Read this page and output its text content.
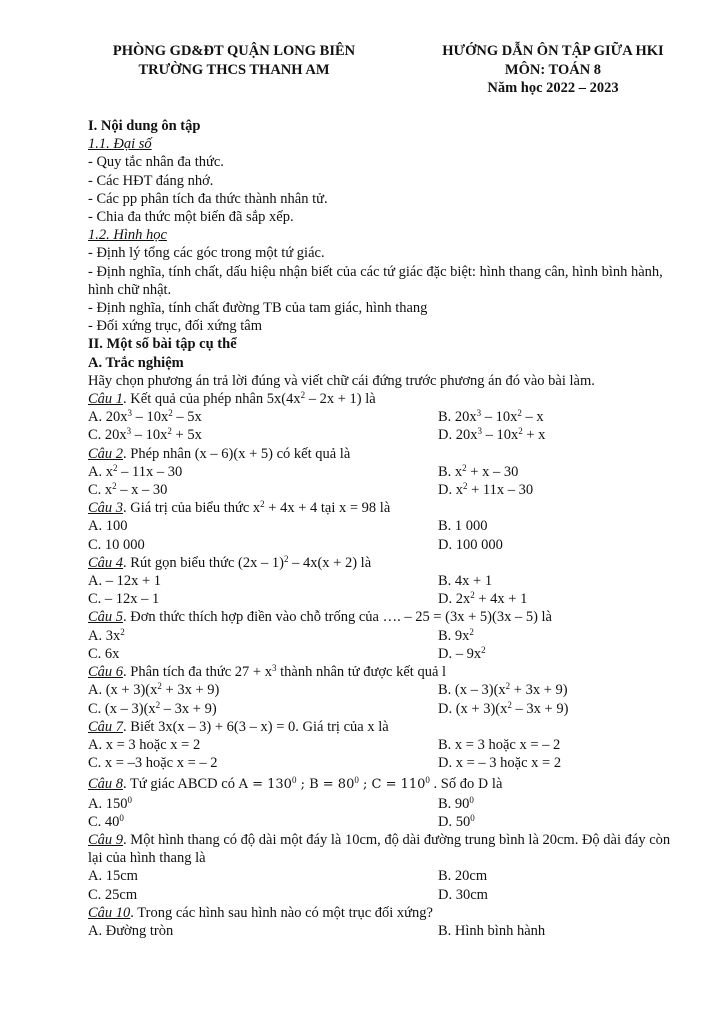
PHÒNG GD&ĐT QUẬN LONG BIÊN
TRƯỜNG THCS THANH AM
HƯỚNG DẪN ÔN TẬP GIỮA HKI
MÔN: TOÁN 8
Năm học 2022 – 2023
I. Nội dung ôn tập
1.1. Đại số
- Quy tắc nhân đa thức.
- Các HĐT đáng nhớ.
- Các pp phân tích đa thức thành nhân tử.
- Chia đa thức một biến đã sắp xếp.
1.2. Hình học
- Định lý tổng các góc trong một tứ giác.
- Định nghĩa, tính chất, dấu hiệu nhận biết của các tứ giác đặc biệt: hình thang cân, hình bình hành, hình chữ nhật.
- Định nghĩa, tính chất đường TB của tam giác, hình thang
- Đối xứng trục, đối xứng tâm
II. Một số bài tập cụ thể
A. Trắc nghiệm
Hãy chọn phương án trả lời đúng và viết chữ cái đứng trước phương án đó vào bài làm.
Câu 1. Kết quả của phép nhân $5x(4x^2 - 2x + 1)$ là
A. $20x^3 - 10x^2 - 5x$	B. $20x^3 - 10x^2$ – x
C. $20x^3 - 10x^2 + 5x$	D. $20x^3 - 10x^2 + x$
Câu 2. Phép nhân (x – 6)(x + 5) có kết quả là
A. $x^2 - 11x - 30$	B. $x^2 + x - 30$
C. $x^2$ – x – 30	D. $x^2 + 11x - 30$
Câu 3. Giá trị của biểu thức $x^2 + 4x + 4$ tại x = 98 là
A. 100	B. 1 000
C. 10 000	D. 100 000
Câu 4. Rút gọn biểu thức (2x – 1)$^2$ – 4x(x + 2) là
A. – 12x + 1	B. 4x + 1
C. – 12x – 1	D. $2x^2 + 4x + 1$
Câu 5. Đơn thức thích hợp điền vào chỗ trống của …. – 25 = (3x + 5)(3x – 5) là
A. $3x^2$	B. $9x^2$
C. 6x	D. – $9x^2$
Câu 6. Phân tích đa thức $27 + x^3$ thành nhân tử được kết quả l
A. $(x + 3)(x^2 + 3x + 9)$	B. $(x - 3)(x^2 + 3x + 9)$
C. $(x - 3)(x^2 - 3x + 9)$	D. $(x + 3)(x^2 - 3x + 9)$
Câu 7. Biết 3x(x – 3) + 6(3 – x) = 0. Giá trị của x là
A. x = 3 hoặc x = 2	B. x = 3 hoặc x = – 2
C. x = –3 hoặc x = – 2	D. x = – 3 hoặc x = 2
Câu 8. Tứ giác ABCD có $A = 130^0$ ; $B = 80^0$ ; $C = 110^0$ . Số đo D là
A. $150^0$	B. $90^0$
C. $40^0$	D. $50^0$
Câu 9. Một hình thang có độ dài một đáy là 10cm, độ dài đường trung bình là 20cm. Độ dài đáy còn lại của hình thang là
A. 15cm	B. 20cm
C. 25cm	D. 30cm
Câu 10. Trong các hình sau hình nào có một trục đối xứng?
A. Đường tròn	B. Hình bình hành
